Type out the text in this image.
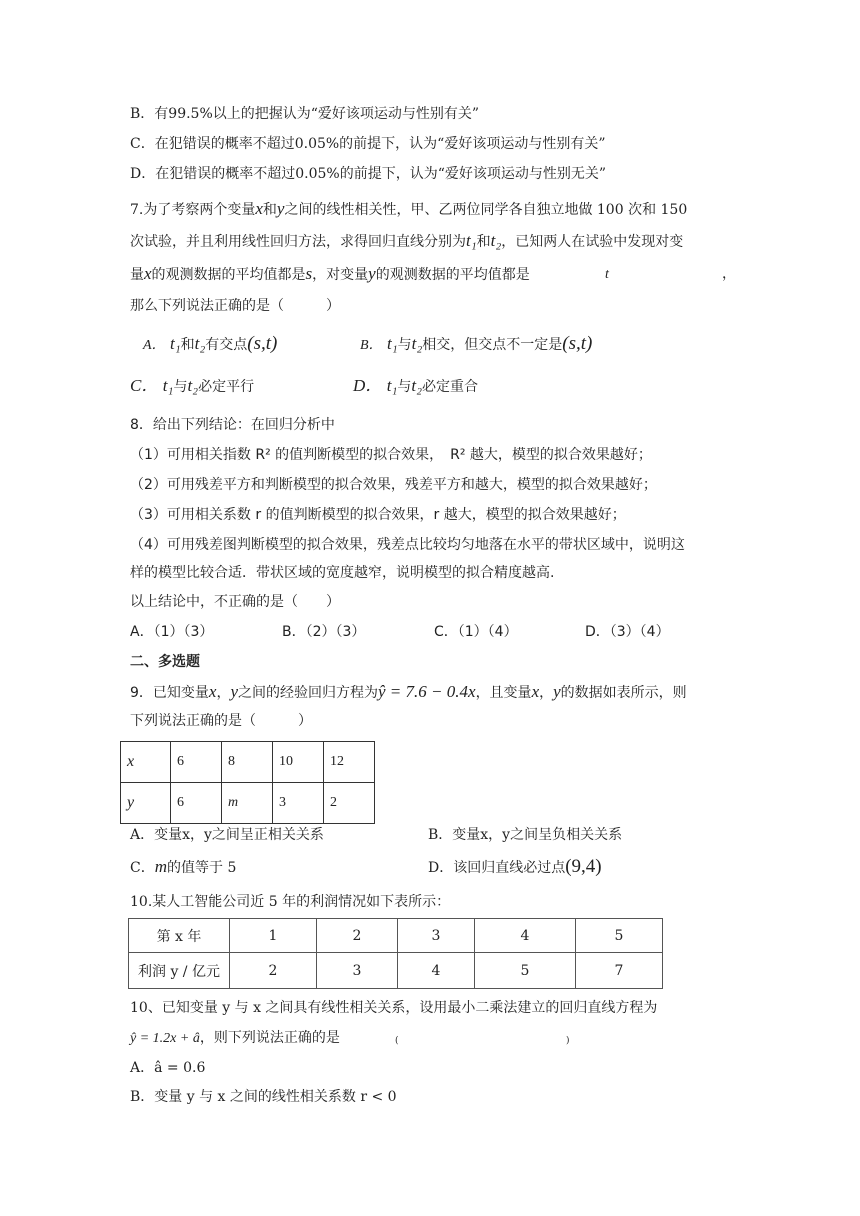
B．有99.5%以上的把握认为“爱好该项运动与性别有关”
C．在犯错误的概率不超过0.05%的前提下，认为“爱好该项运动与性别有关”
D．在犯错误的概率不超过0.05%的前提下，认为“爱好该项运动与性别无关”
7.为了考察两个变量x和y之间的线性相关性，甲、乙两位同学各自独立地做 100 次和 150
次试验，并且利用线性回归方法，求得回归直线分别为t₁和t₂，已知两人在试验中发现对变
量x的观测数据的平均值都是s，对变量y的观测数据的平均值都是	t	，
那么下列说法正确的是（　　　）
A． t₁和t₂有交点(s,t)	B． t₁与t₂相交，但交点不一定是(s,t)
C． t₁与t₂必定平行	D． t₁与t₂必定重合
8．给出下列结论：在回归分析中
（1）可用相关指数 R² 的值判断模型的拟合效果，　R² 越大，模型的拟合效果越好；
（2）可用残差平方和判断模型的拟合效果，残差平方和越大，模型的拟合效果越好；
（3）可用相关系数 r 的值判断模型的拟合效果，r 越大，模型的拟合效果越好；
（4）可用残差图判断模型的拟合效果，残差点比较均匀地落在水平的带状区域中，说明这
样的模型比较合适．带状区域的宽度越窄，说明模型的拟合精度越高.
以上结论中，不正确的是（　　）
A．（1）（3）	B．（2）（3）	C．（1）（4）	D．（3）（4）
二、多选题
9．已知变量x，y之间的经验回归方程为ŷ = 7.6 − 0.4x，且变量x，y的数据如表所示，则
下列说法正确的是（　　　）
x	6	8	10	12
y	6	m	3	2
A．变量x，y之间呈正相关关系	B．变量x，y之间呈负相关关系
C．m的值等于 5	D．该回归直线必过点(9,4)
10.某人工智能公司近 5 年的利润情况如下表所示：
第 x 年	1	2	3	4	5
利润 y / 亿元	2	3	4	5	7
10、已知变量 y 与 x 之间具有线性相关关系，设用最小二乘法建立的回归直线方程为
ŷ = 1.2x + â，则下列说法正确的是	(	)
A．â = 0.6
B．变量 y 与 x 之间的线性相关系数 r < 0
